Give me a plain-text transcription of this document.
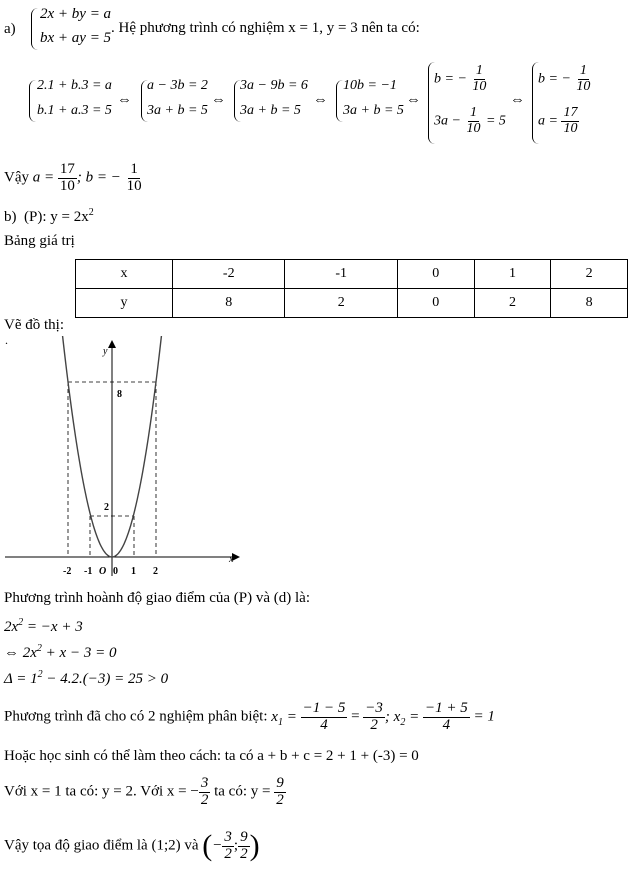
a)
2x + by = a
bx + ay = 5
. Hệ phương trình có nghiệm x = 1, y = 3 nên ta có:
2.1 + b.3 = a
b.1 + a.3 = 5
⇔
a − 3b = 2
3a + b = 5
⇔
3a − 9b = 6
3a + b = 5
⇔
10b = −1
3a + b = 5
⇔
b = − $\frac{1}{10}$
$3a - \frac{1}{10} = 5$
⇔
b = − $\frac{1}{10}$
$a = \frac{17}{10}$
Vậy $a = \frac{17}{10}$ ; b = − $\frac{1}{10}$
b) (P): $y = 2x^2$
Bảng giá trị
x	-2	-1	0	1	2
y	8	2	0	2	8
Vẽ đồ thị:
.
y
x
8
2
-2 -1 O 0 1 2
Phương trình hoành độ giao điểm của (P) và (d) là:
$2x^2 = -x + 3$
⇔ $2x^2 + x - 3 = 0$
$\Delta = 1^2 - 4.2.(-3) = 25 > 0$
Phương trình đã cho có 2 nghiệm phân biệt: $x_1 = \frac{-1 - 5}{4} = \frac{-3}{2}$ ; $x_2 = \frac{-1 + 5}{4} = 1$
Hoặc học sinh có thể làm theo cách: ta có a + b + c = 2 + 1 + (-3) = 0
Với x = 1 ta có: y = 2. Với x = − $\frac{3}{2}$ ta có: $y = \frac{9}{2}$
Vậy tọa độ giao điểm là (1;2) và (− $\frac{3}{2}$ ; $\frac{9}{2}$ )
